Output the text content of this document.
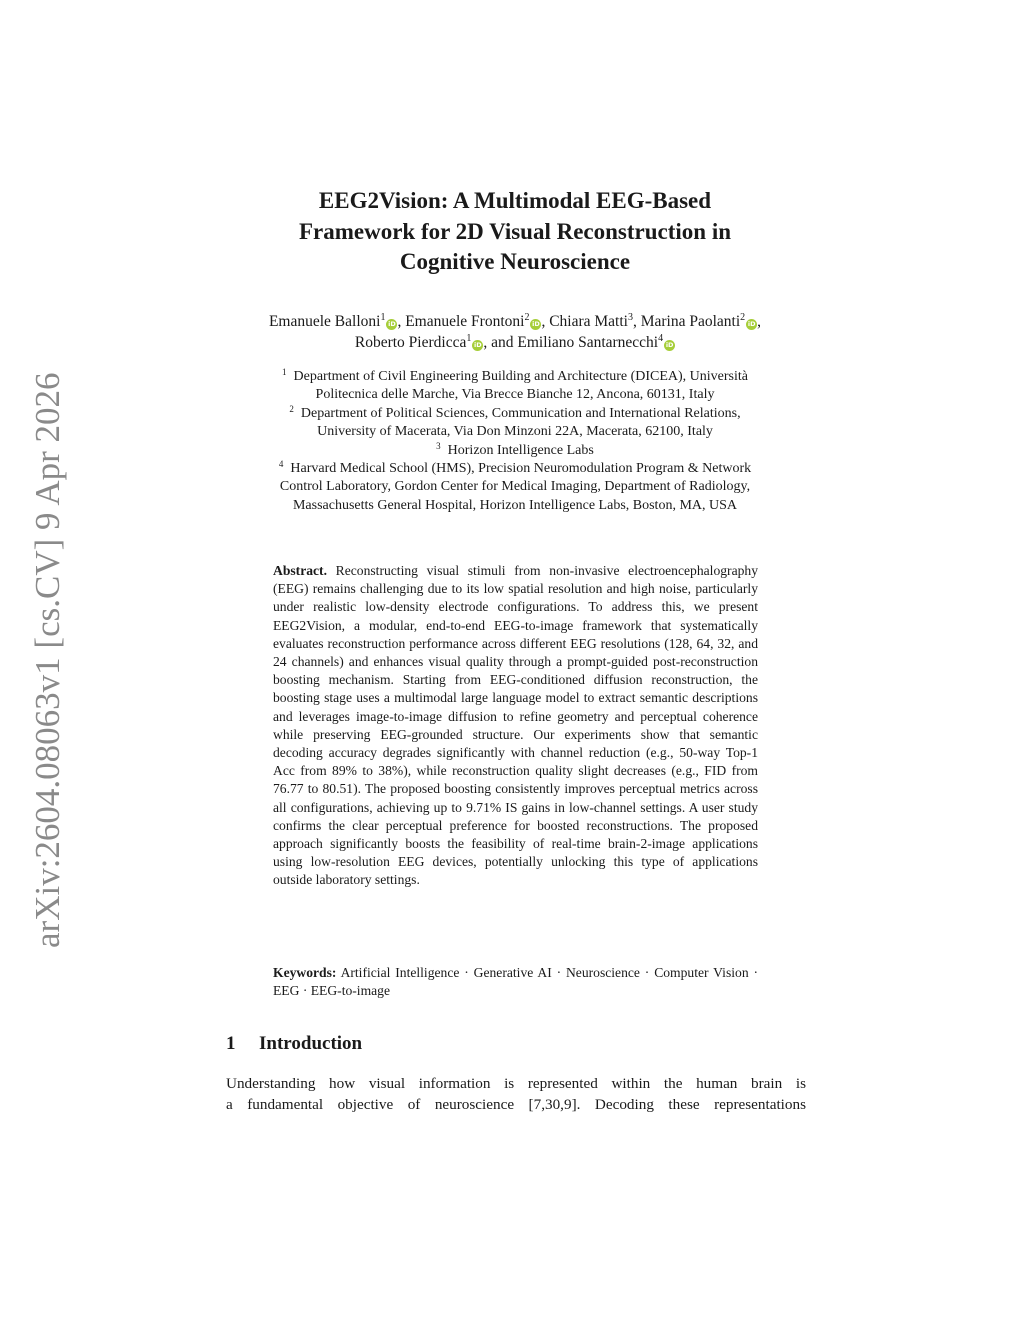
arXiv:2604.08063v1 [cs.CV] 9 Apr 2026
EEG2Vision: A Multimodal EEG-Based
Framework for 2D Visual Reconstruction in
Cognitive Neuroscience
Emanuele Balloni$^1$iD , Emanuele Frontoni$^2$iD , Chiara Matti$^3$, Marina Paolanti$^2$iD ,
Roberto Pierdicca$^1$iD , and Emiliano Santarnecchi$^4$iD
$^1$ Department of Civil Engineering Building and Architecture (DICEA), Università
Politecnica delle Marche, Via Brecce Bianche 12, Ancona, 60131, Italy
$^2$ Department of Political Sciences, Communication and International Relations,
University of Macerata, Via Don Minzoni 22A, Macerata, 62100, Italy
$^3$ Horizon Intelligence Labs
$^4$ Harvard Medical School (HMS), Precision Neuromodulation Program & Network
Control Laboratory, Gordon Center for Medical Imaging, Department of Radiology,
Massachusetts General Hospital, Horizon Intelligence Labs, Boston, MA, USA
Abstract. Reconstructing visual stimuli from non-invasive electroencephalography (EEG) remains challenging due to its low spatial resolution and high noise, particularly under realistic low-density electrode configurations. To address this, we present EEG2Vision, a modular, end-to-end EEG-to-image framework that systematically evaluates reconstruction performance across different EEG resolutions (128, 64, 32, and 24 channels) and enhances visual quality through a prompt-guided post-reconstruction boosting mechanism. Starting from EEG-conditioned diffusion reconstruction, the boosting stage uses a multimodal large language model to extract semantic descriptions and leverages image-to-image diffusion to refine geometry and perceptual coherence while preserving EEG-grounded structure. Our experiments show that semantic decoding accuracy degrades significantly with channel reduction (e.g., 50-way Top-1 Acc from 89% to 38%), while reconstruction quality slight decreases (e.g., FID from 76.77 to 80.51). The proposed boosting consistently improves perceptual metrics across all configurations, achieving up to 9.71% IS gains in low-channel settings. A user study confirms the clear perceptual preference for boosted reconstructions. The proposed approach significantly boosts the feasibility of real-time brain-2-image applications using low-resolution EEG devices, potentially unlocking this type of applications outside laboratory settings.
Keywords: Artificial Intelligence · Generative AI · Neuroscience · Computer Vision · EEG · EEG-to-image
1 Introduction
Understanding how visual information is represented within the human brain is
a fundamental objective of neuroscience [7,30,9]. Decoding these representations
